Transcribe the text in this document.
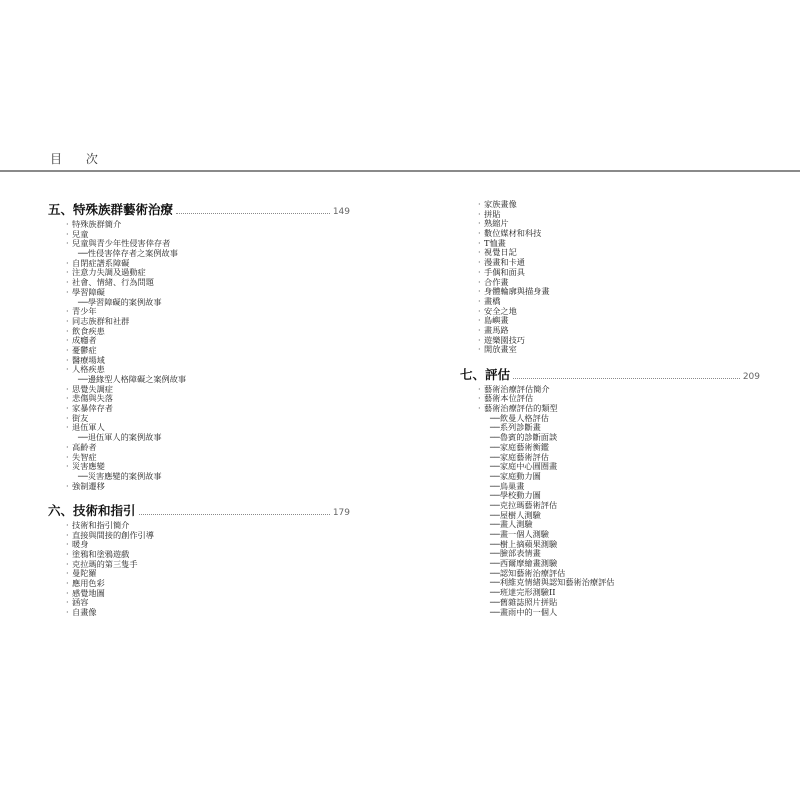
目 次
五、特殊族群藝術治療	149
· 特殊族群簡介
· 兒童
· 兒童與青少年性侵害倖存者
──性侵害倖存者之案例故事
· 自閉症譜系障礙
· 注意力失調及過動症
· 社會、情緒、行為問題
· 學習障礙
──學習障礙的案例故事
· 青少年
· 同志族群和社群
· 飲食疾患
· 成癮者
· 憂鬱症
· 醫療場域
· 人格疾患
──邊緣型人格障礙之案例故事
· 思覺失調症
· 悲傷與失落
· 家暴倖存者
· 街友
· 退伍軍人
──退伍軍人的案例故事
· 高齡者
· 失智症
· 災害應變
──災害應變的案例故事
· 強制遷移
六、技術和指引	179
· 技術和指引簡介
· 直接與間接的創作引導
· 暖身
· 塗鴉和塗鴉遊戲
· 克拉瑪的第三隻手
· 曼陀羅
· 應用色彩
· 感覺地圖
· 涵容
· 自畫像
· 家族畫像
· 拼貼
· 熟縮片
· 數位媒材和科技
· T恤畫
· 視覺日記
· 漫畫和卡通
· 手偶和面具
· 合作畫
· 身體輪廓與描身畫
· 畫橋
· 安全之地
· 島嶼畫
· 畫馬路
· 遊樂園技巧
· 開放畫室
七、評估	209
· 藝術治療評估簡介
· 藝術本位評估
· 藝術治療評估的類型
──飲曼人格評估
──系列診斷畫
──魯賓的診斷面談
──家庭藝術衡鑑
──家庭藝術評估
──家庭中心圓圈畫
──家庭動力圖
──鳥巢畫
──學校動力圖
──克拉瑪藝術評估
──屋樹人測驗
──畫人測驗
──畫一個人測驗
──樹上摘蘋果測驗
──臉部表情畫
──西爾摩繪畫測驗
──認知藝術治療評估
──利維克情緒與認知藝術治療評估
──班達完形測驗II
──舊雜誌照片拼貼
──畫雨中的一個人
